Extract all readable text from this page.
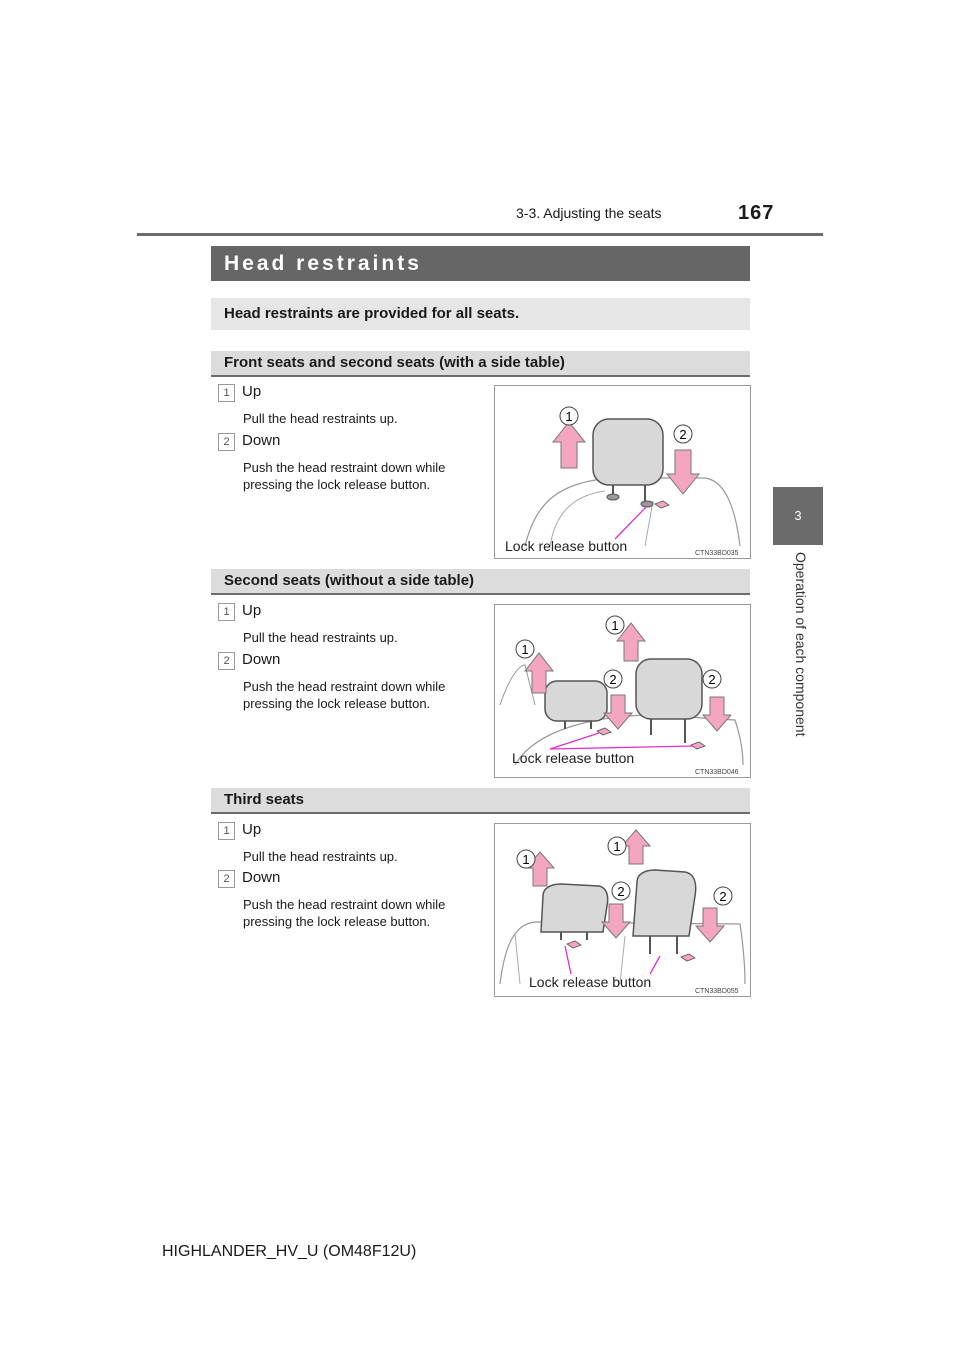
3-3. Adjusting the seats	167
3
Operation of each component
Head restraints
Head restraints are provided for all seats.
Front seats and second seats (with a side table)
1 Up
Pull the head restraints up.
2 Down
Push the head restraint down while pressing the lock release button.
1
2
Lock release button	CTN33BD035
Second seats (without a side table)
1 Up
Pull the head restraints up.
2 Down
Push the head restraint down while pressing the lock release button.
1
1
2	2
Lock release button
CTN33BD046
Third seats
1 Up
Pull the head restraints up.
2 Down
Push the head restraint down while pressing the lock release button.
1
1
2	2
Lock release button
CTN33BD055
HIGHLANDER_HV_U (OM48F12U)
